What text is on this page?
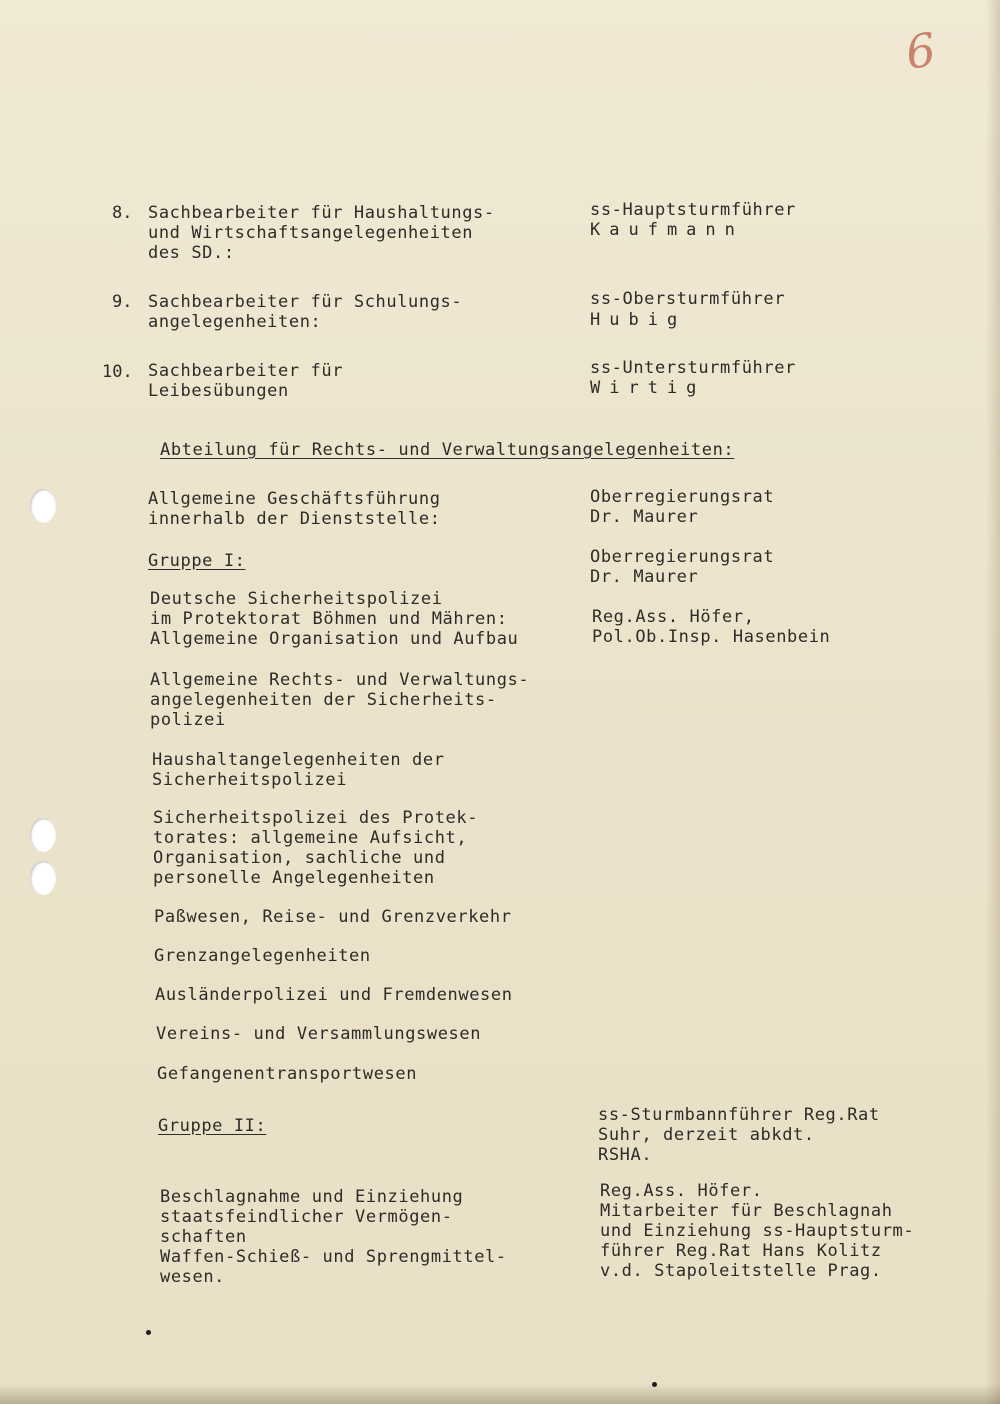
6
8. Sachbearbeiter für Haushaltungs-
und Wirtschaftsangelegenheiten
des SD.:
ss-Hauptsturmführer
Kaufmann
9. Sachbearbeiter für Schulungs-
angelegenheiten:
ss-Obersturmführer
Hubig
10. Sachbearbeiter für
Leibesübungen
ss-Untersturmführer
Wirtig
Abteilung für Rechts- und Verwaltungsangelegenheiten:
Allgemeine Geschäftsführung
innerhalb der Dienststelle:
Oberregierungsrat
Dr. Maurer
Gruppe I:	Oberregierungsrat
Dr. Maurer
Deutsche Sicherheitspolizei
im Protektorat Böhmen und Mähren:
Allgemeine Organisation und Aufbau
Reg.Ass. Höfer,
Pol.Ob.Insp. Hasenbein
Allgemeine Rechts- und Verwaltungs-
angelegenheiten der Sicherheits-
polizei
Haushaltangelegenheiten der
Sicherheitspolizei
Sicherheitspolizei des Protek-
torates: allgemeine Aufsicht,
Organisation, sachliche und
personelle Angelegenheiten
Paßwesen, Reise- und Grenzverkehr
Grenzangelegenheiten
Ausländerpolizei und Fremdenwesen
Vereins- und Versammlungswesen
Gefangenentransportwesen
Gruppe II:
ss-Sturmbannführer Reg.Rat
Suhr, derzeit abkdt.
RSHA.
Beschlagnahme und Einziehung
staatsfeindlicher Vermögen-
schaften
Waffen-Schieß- und Sprengmittel-
wesen.
Reg.Ass. Höfer.
Mitarbeiter für Beschlagnah
und Einziehung ss-Hauptsturm-
führer Reg.Rat Hans Kolitz
v.d. Stapoleitstelle Prag.
